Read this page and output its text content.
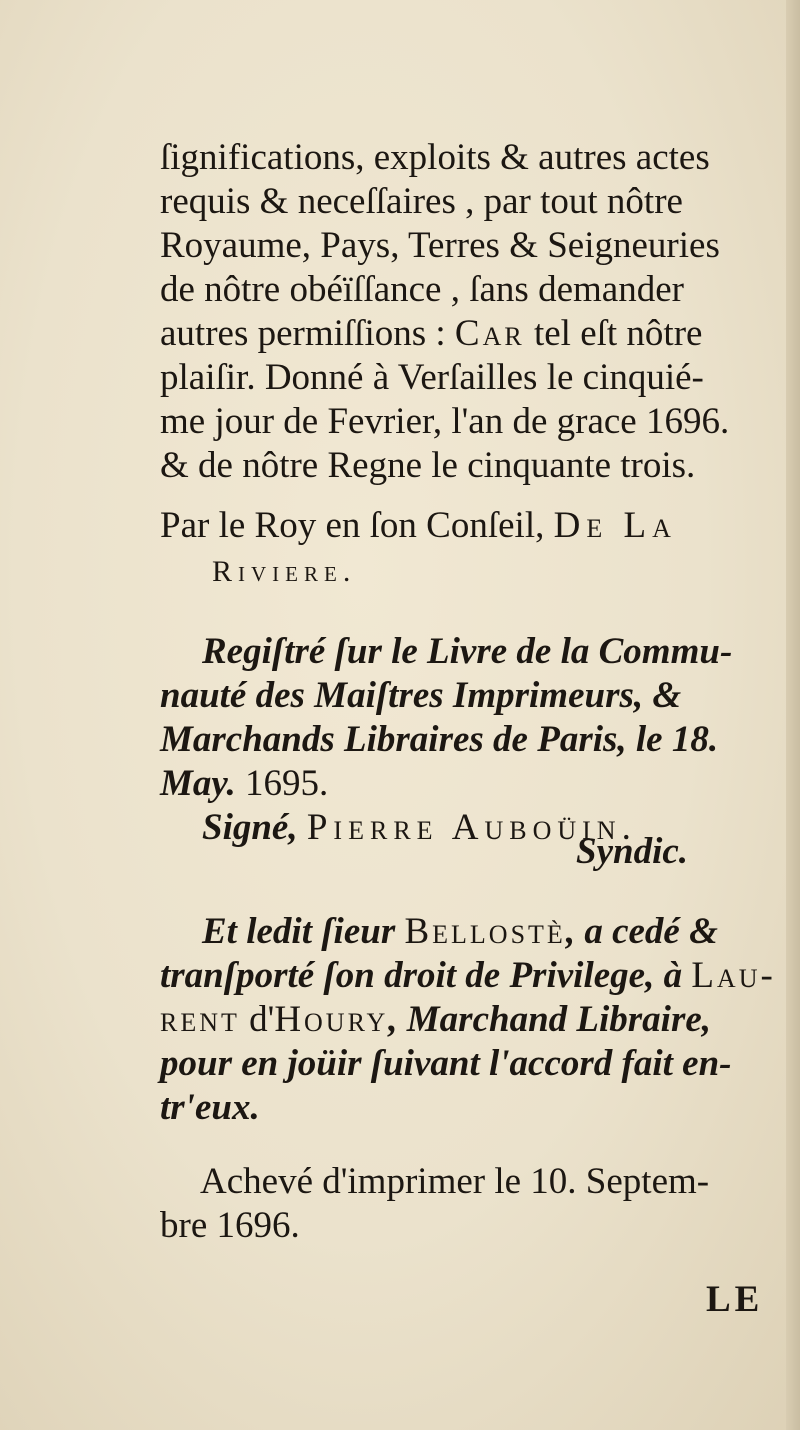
ſignifications, exploits & autres actes

requis & neceſſaires , par tout nôtre

Royaume, Pays, Terres & Seigneuries

de nôtre obéïſſance , ſans demander

autres permiſſions : Car tel eſt nôtre

plaiſir. Donné à Verſailles le cinquié-

me jour de Fevrier, l'an de grace 1696.

& de nôtre Regne le cinquante trois.

Par le Roy en ſon Conſeil, De La

Riviere.

Regiſtré ſur le Livre de la Commu-

nauté des Maiſtres Imprimeurs, &

Marchands Libraires de Paris, le 18.

May. 1695.

Signé, Pierre Auboüin.

Syndic.

Et ledit ſieur Bellostè, a cedé &

tranſporté ſon droit de Privilege, à Lau-

rent d'Houry, Marchand Libraire,

pour en joüir ſuivant l'accord fait en-

tr'eux.

Achevé d'imprimer le 10. Septem-

bre 1696.

LE
